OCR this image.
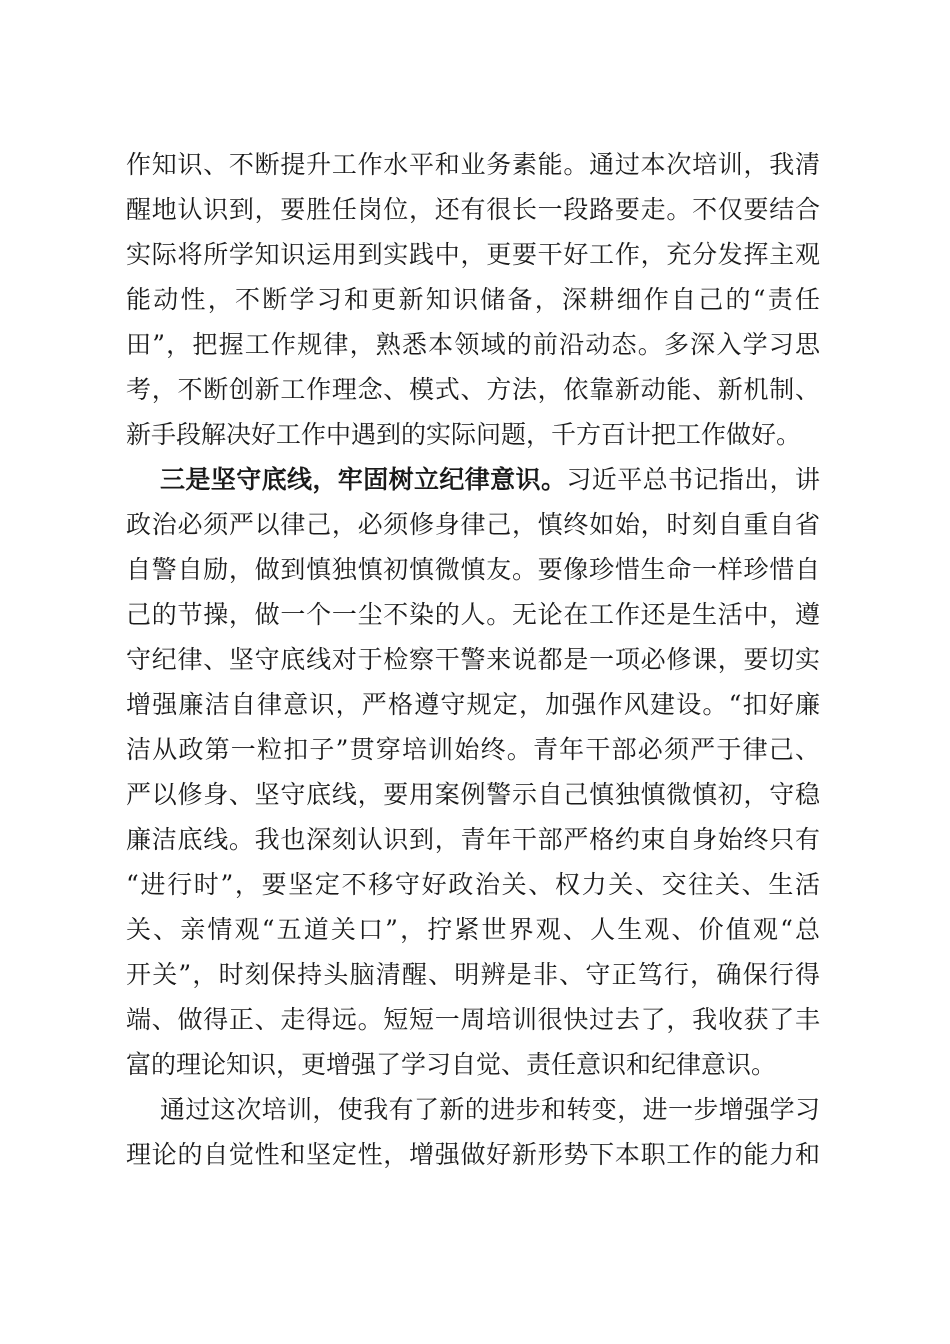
作知识、不断提升工作水平和业务素能。通过本次培训，我清
醒地认识到，要胜任岗位，还有很长一段路要走。不仅要结合
实际将所学知识运用到实践中，更要干好工作，充分发挥主观
能动性，不断学习和更新知识储备，深耕细作自己的“责任
田”，把握工作规律，熟悉本领域的前沿动态。多深入学习思
考，不断创新工作理念、模式、方法，依靠新动能、新机制、
新手段解决好工作中遇到的实际问题，千方百计把工作做好。
三是坚守底线，牢固树立纪律意识。习近平总书记指出，讲
政治必须严以律己，必须修身律己，慎终如始，时刻自重自省
自警自励，做到慎独慎初慎微慎友。要像珍惜生命一样珍惜自
己的节操，做一个一尘不染的人。无论在工作还是生活中，遵
守纪律、坚守底线对于检察干警来说都是一项必修课，要切实
增强廉洁自律意识，严格遵守规定，加强作风建设。“扣好廉
洁从政第一粒扣子”贯穿培训始终。青年干部必须严于律己、
严以修身、坚守底线，要用案例警示自己慎独慎微慎初，守稳
廉洁底线。我也深刻认识到，青年干部严格约束自身始终只有
“进行时”，要坚定不移守好政治关、权力关、交往关、生活
关、亲情观“五道关口”，拧紧世界观、人生观、价值观“总
开关”，时刻保持头脑清醒、明辨是非、守正笃行，确保行得
端、做得正、走得远。短短一周培训很快过去了，我收获了丰
富的理论知识，更增强了学习自觉、责任意识和纪律意识。
通过这次培训，使我有了新的进步和转变，进一步增强学习
理论的自觉性和坚定性，增强做好新形势下本职工作的能力和
